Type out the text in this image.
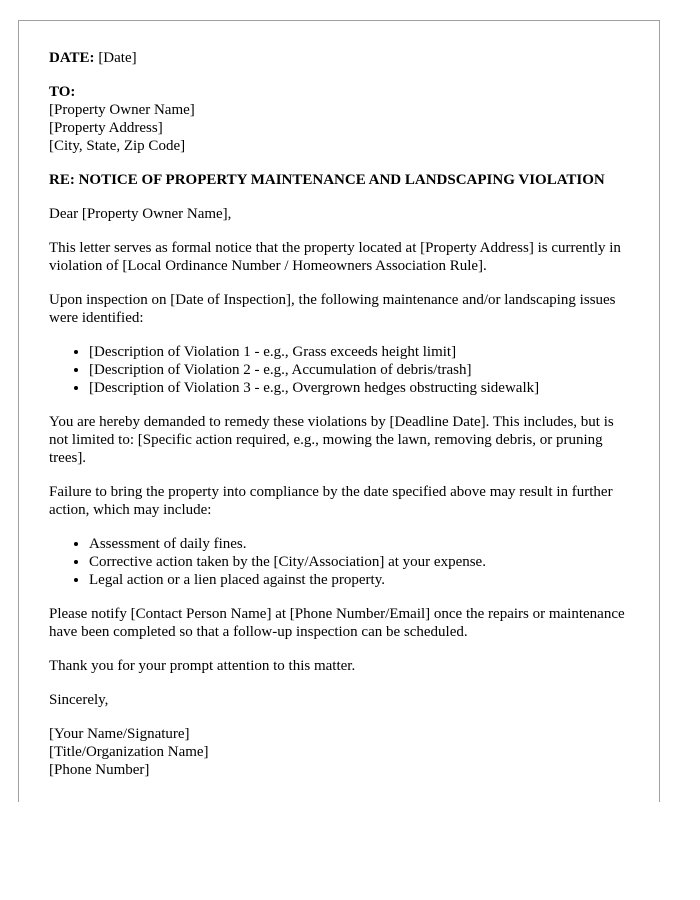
DATE: [Date]

TO:
[Property Owner Name]
[Property Address]
[City, State, Zip Code]

RE: NOTICE OF PROPERTY MAINTENANCE AND LANDSCAPING VIOLATION

Dear [Property Owner Name],

This letter serves as formal notice that the property located at [Property Address] is currently in violation of [Local Ordinance Number / Homeowners Association Rule].

Upon inspection on [Date of Inspection], the following maintenance and/or landscaping issues were identified:

• [Description of Violation 1 - e.g., Grass exceeds height limit]
• [Description of Violation 2 - e.g., Accumulation of debris/trash]
• [Description of Violation 3 - e.g., Overgrown hedges obstructing sidewalk]

You are hereby demanded to remedy these violations by [Deadline Date]. This includes, but is not limited to: [Specific action required, e.g., mowing the lawn, removing debris, or pruning trees].

Failure to bring the property into compliance by the date specified above may result in further action, which may include:

• Assessment of daily fines.
• Corrective action taken by the [City/Association] at your expense.
• Legal action or a lien placed against the property.

Please notify [Contact Person Name] at [Phone Number/Email] once the repairs or maintenance have been completed so that a follow-up inspection can be scheduled.

Thank you for your prompt attention to this matter.

Sincerely,

[Your Name/Signature]
[Title/Organization Name]
[Phone Number]
